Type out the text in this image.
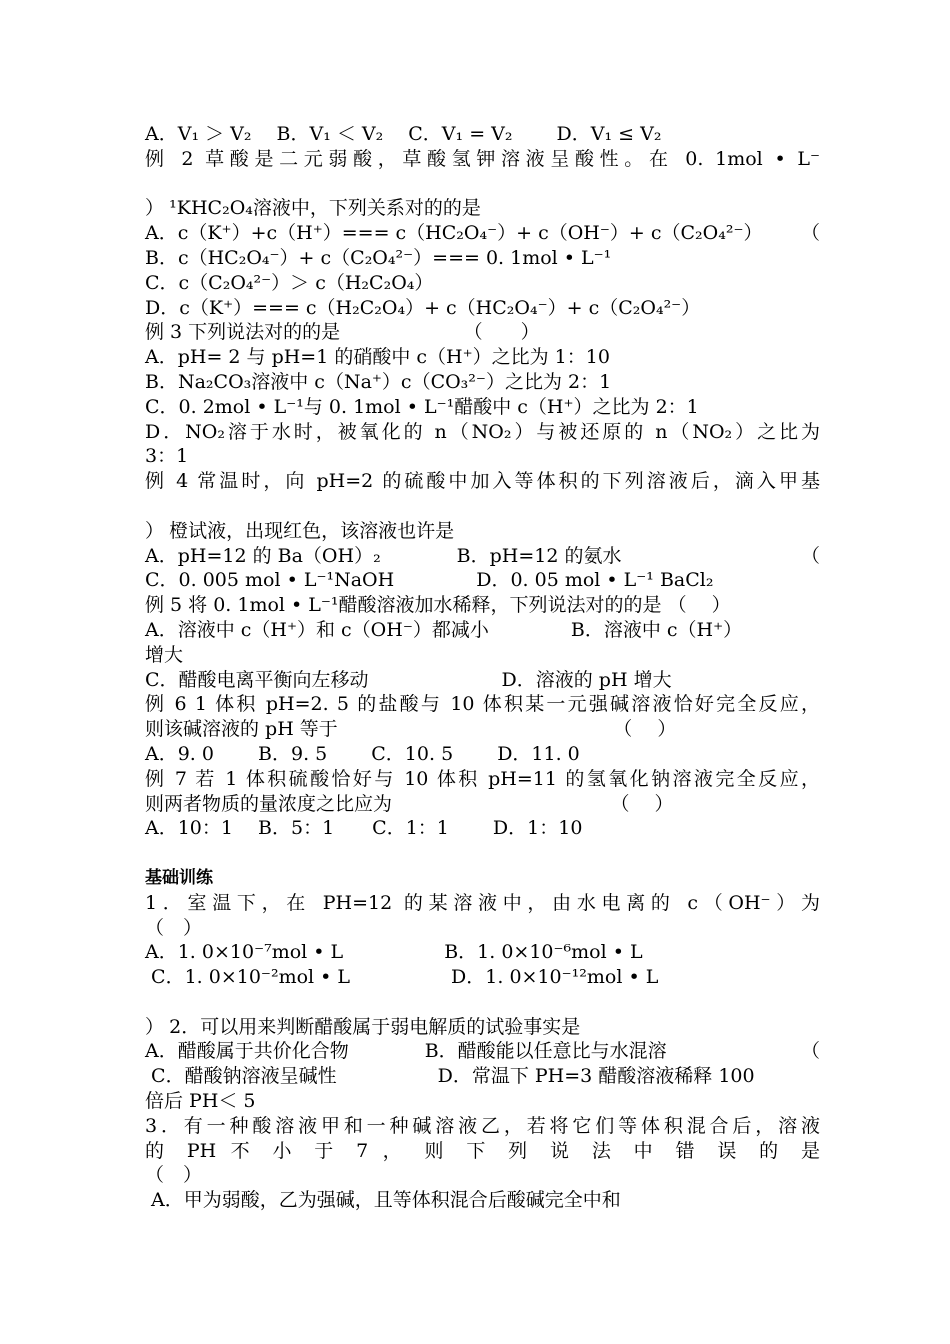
A．V₁ ＞ V₂　 B．V₁ ＜ V₂　 C．V₁ = V₂　　 D．V₁ ≤ V₂
例 2 草酸是二元弱酸，草酸氢钾溶液呈酸性。在 0. 1mol • L⁻

¹KHC₂O₄溶液中，下列关系对的的是

（

）
A．c（K⁺）+c（H⁺）=== c（HC₂O₄⁻）+ c（OH⁻）+ c（C₂O₄²⁻）
B．c（HC₂O₄⁻）+ c（C₂O₄²⁻）=== 0. 1mol • L⁻¹
C．c（C₂O₄²⁻）＞ c（H₂C₂O₄）
D．c（K⁺）=== c（H₂C₂O₄）+ c（HC₂O₄⁻）+ c（C₂O₄²⁻）
例 3 下列说法对的的是　　　　　　　（　　）
A．pH= 2 与 pH=1 的硝酸中 c（H⁺）之比为 1：10
B．Na₂CO₃溶液中 c（Na⁺）c（CO₃²⁻）之比为 2：1
C．0. 2mol • L⁻¹与 0. 1mol • L⁻¹醋酸中 c（H⁺）之比为 2：1
D．NO₂溶于水时，被氧化的 n（NO₂）与被还原的 n（NO₂）之比为
3：1
例 4 常温时，向 pH=2 的硫酸中加入等体积的下列溶液后，滴入甲基

橙试液，出现红色，该溶液也许是

（

）
A．pH=12 的 Ba（OH）₂　　　　B．pH=12 的氨水
C．0. 005 mol • L⁻¹NaOH　　　　 D．0. 05 mol • L⁻¹ BaCl₂
例 5 将 0. 1mol • L⁻¹醋酸溶液加水稀释，下列说法对的的是 （　 ）
A．溶液中 c（H⁺）和 c（OH⁻）都减小　　　　 B．溶液中 c（H⁺）
增大
C．醋酸电离平衡向左移动　　　　　　　D．溶液的 pH 增大
例 6 1 体积 pH=2. 5 的盐酸与 10 体积某一元强碱溶液恰好完全反应，
则该碱溶液的 pH 等于　　　　　　　　　　　　　　　（　 ）
A．9. 0　　 B．9. 5　　 C．10. 5　　 D．11. 0
例 7 若 1 体积硫酸恰好与 10 体积 pH=11 的氢氧化钠溶液完全反应，
则两者物质的量浓度之比应为　　　　　　　　　　　　（　 ）
A．10：1　 B．5：1　　C．1：1　　 D．1：10
基础训练
1．室温下，在 PH=12 的某溶液中，由水电离的 c（OH⁻）为
（　）
A．1. 0×10⁻⁷mol • L　　　　　 B．1. 0×10⁻⁶mol • L
C．1. 0×10⁻²mol • L　　　　　 D．1. 0×10⁻¹²mol • L

2．可以用来判断醋酸属于弱电解质的试验事实是

（

）
A．醋酸属于共价化合物　　　　B．醋酸能以任意比与水混溶
C．醋酸钠溶液呈碱性　　　　　 D．常温下 PH=3 醋酸溶液稀释 100
倍后 PH＜ 5
3．有一种酸溶液甲和一种碱溶液乙，若将它们等体积混合后，溶液
的 PH 不 小 于 7 ， 则 下 列 说 法 中 错 误 的 是
（　）
A．甲为弱酸，乙为强碱，且等体积混合后酸碱完全中和
